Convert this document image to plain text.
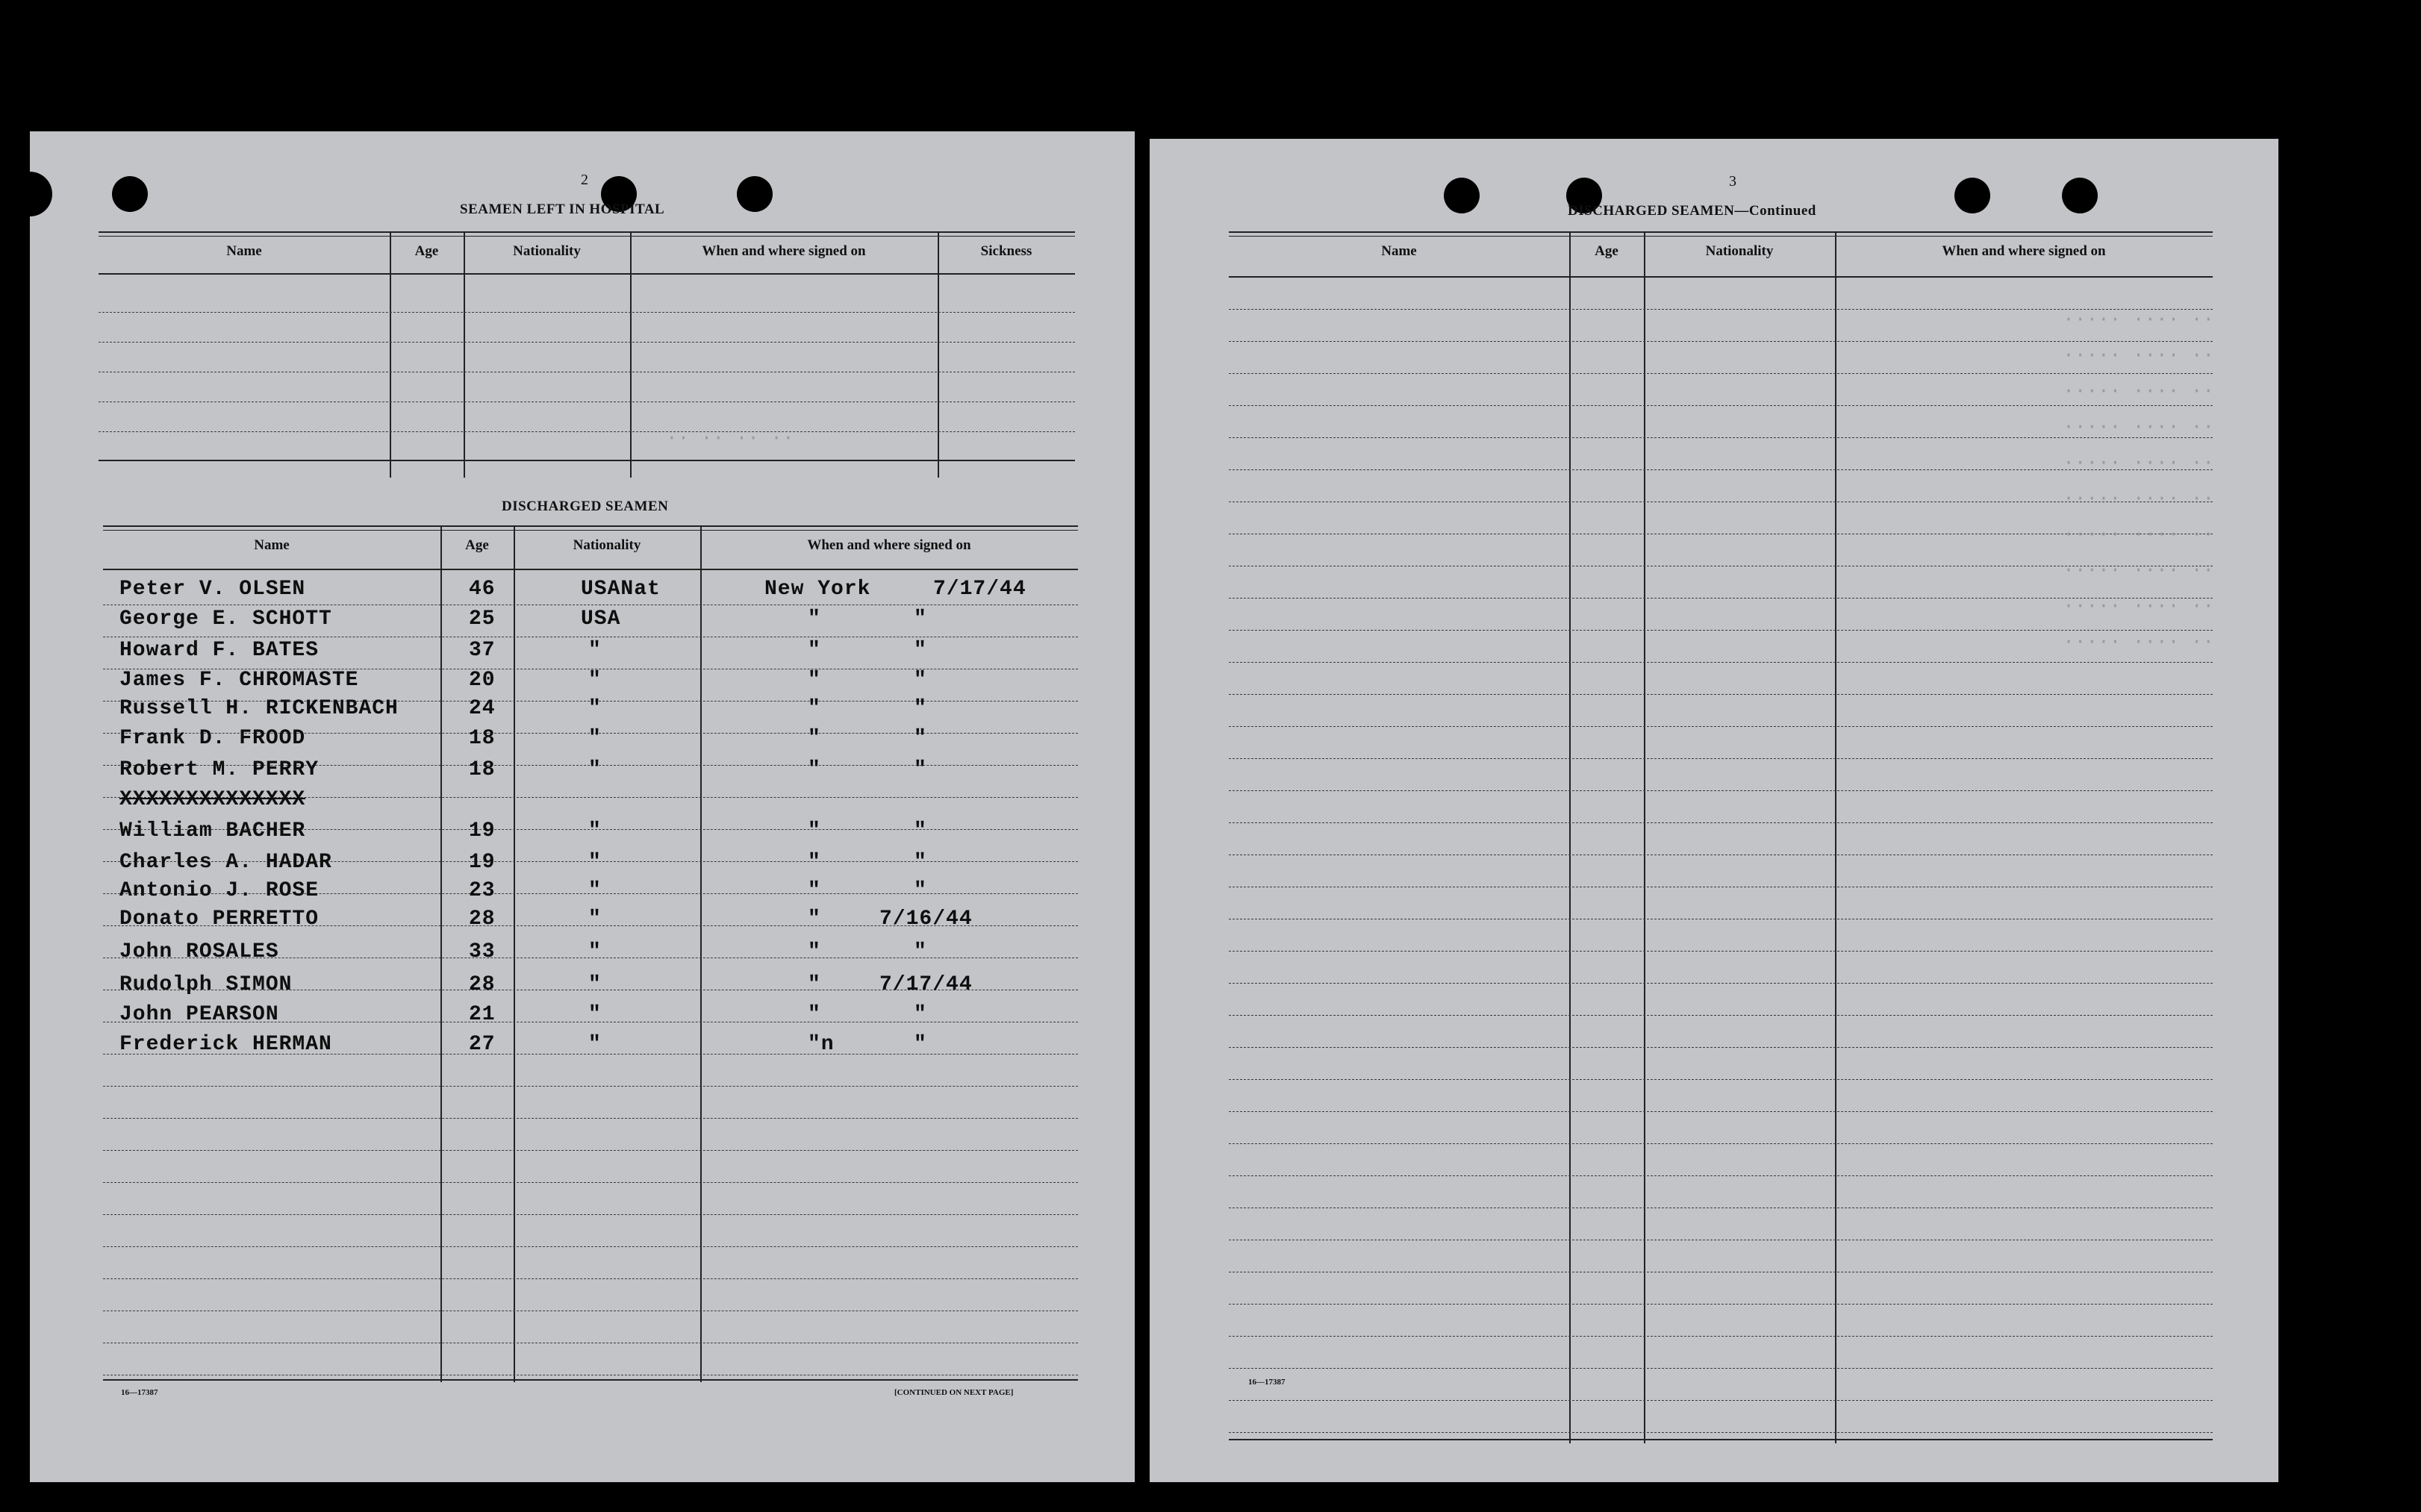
2
SEAMEN LEFT IN HOSPITAL
Name	Age	Nationality	When and where signed on	Sickness
·· ·· ·· ··
DISCHARGED SEAMEN
Name	Age	Nationality	When and where signed on
Peter V. OLSEN	46	USANat	New York	7/17/44
George E. SCHOTT	25	USA	"	"
Howard F. BATES	37	"	"	"
James F. CHROMASTE	20	"	"	"
Russell H. RICKENBACH	24	"	"	"
Frank D. FROOD	18	"	"	"
Robert M. PERRY	18	"	"	"
XXXXXXXXXXXXXX
William BACHER	19	"	"	"
Charles A. HADAR	19	"	"	"
Antonio J. ROSE	23	"	"	"
Donato PERRETTO	28	"	"	7/16/44
John ROSALES	33	"	"	"
Rudolph SIMON	28	"	"	7/17/44
John PEARSON	21	"	"	"
Frederick HERMAN	27	"	"n	"
16—17387	[CONTINUED ON NEXT PAGE]
3
DISCHARGED SEAMEN—Continued
Name	Age	Nationality	When and where signed on
·· ···· ·····
·· ···· ·····
·· ···· ·····
·· ···· ·····
·· ···· ·····
·· ···· ·····
·· ···· ·····
·· ···· ·····
·· ···· ·····
·· ···· ·····
16—17387
